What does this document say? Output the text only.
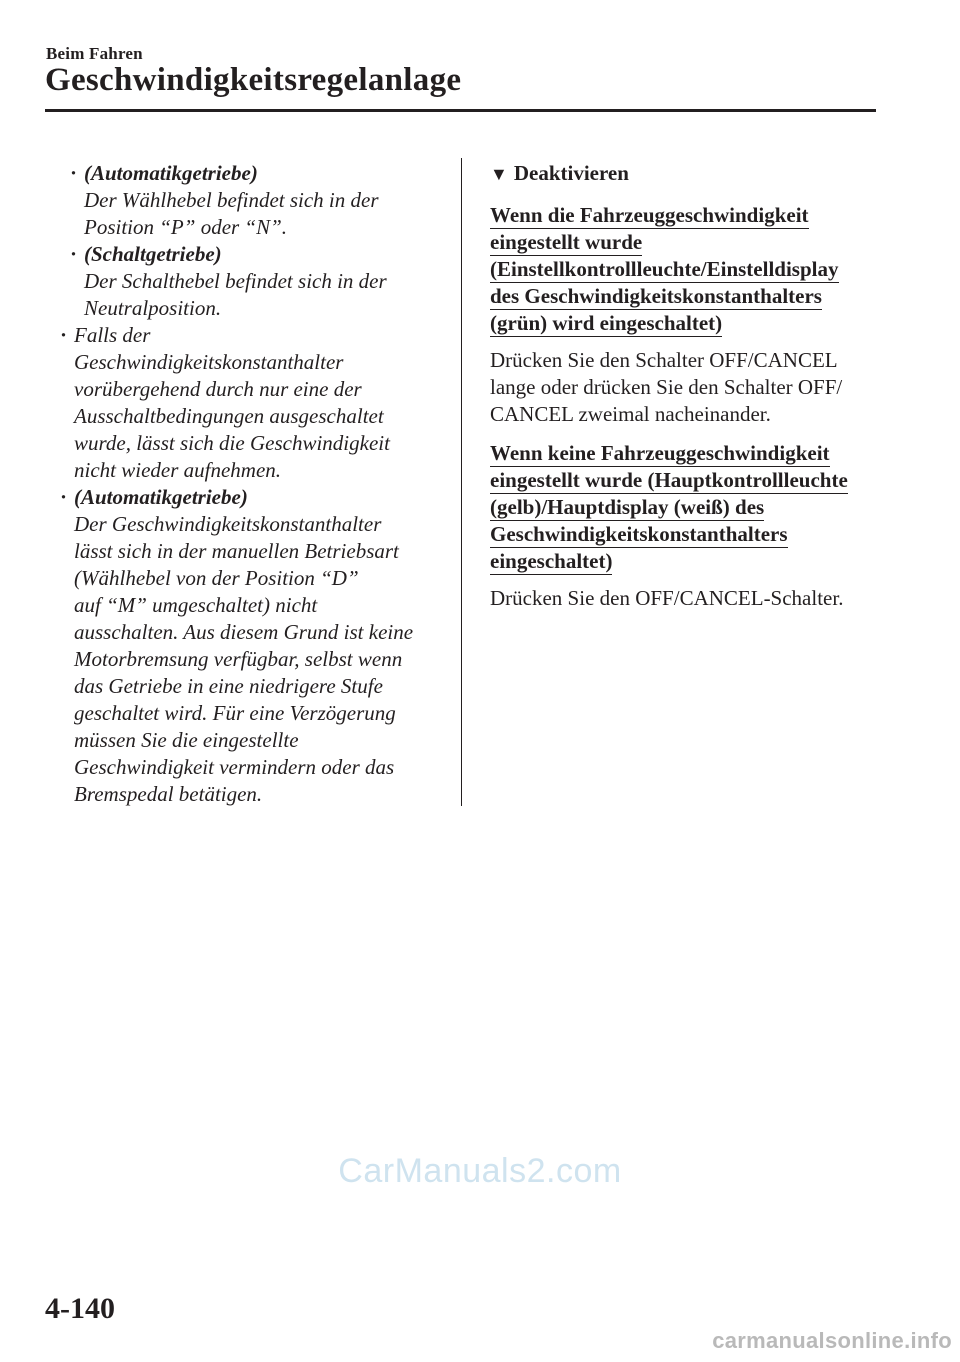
Beim Fahren
Geschwindigkeitsregelanlage
· (Automatikgetriebe)
Der Wählhebel befindet sich in der
Position “P” oder “N”.
· (Schaltgetriebe)
Der Schalthebel befindet sich in der
Neutralposition.
· Falls der
Geschwindigkeitskonstanthalter
vorübergehend durch nur eine der
Ausschaltbedingungen ausgeschaltet
wurde, lässt sich die Geschwindigkeit
nicht wieder aufnehmen.
· (Automatikgetriebe)
Der Geschwindigkeitskonstanthalter
lässt sich in der manuellen Betriebsart
(Wählhebel von der Position “D”
auf “M” umgeschaltet) nicht
ausschalten. Aus diesem Grund ist keine
Motorbremsung verfügbar, selbst wenn
das Getriebe in eine niedrigere Stufe
geschaltet wird. Für eine Verzögerung
müssen Sie die eingestellte
Geschwindigkeit vermindern oder das
Bremspedal betätigen.
▼ Deaktivieren
Wenn die Fahrzeuggeschwindigkeit
eingestellt wurde
(Einstellkontrollleuchte/Einstelldisplay
des Geschwindigkeitskonstanthalters
(grün) wird eingeschaltet)
Drücken Sie den Schalter OFF/CANCEL
lange oder drücken Sie den Schalter OFF/
CANCEL zweimal nacheinander.
Wenn keine Fahrzeuggeschwindigkeit
eingestellt wurde (Hauptkontrollleuchte
(gelb)/Hauptdisplay (weiß) des
Geschwindigkeitskonstanthalters
eingeschaltet)
Drücken Sie den OFF/CANCEL-Schalter.
CarManuals2.com
4-140
carmanualsonline.info
